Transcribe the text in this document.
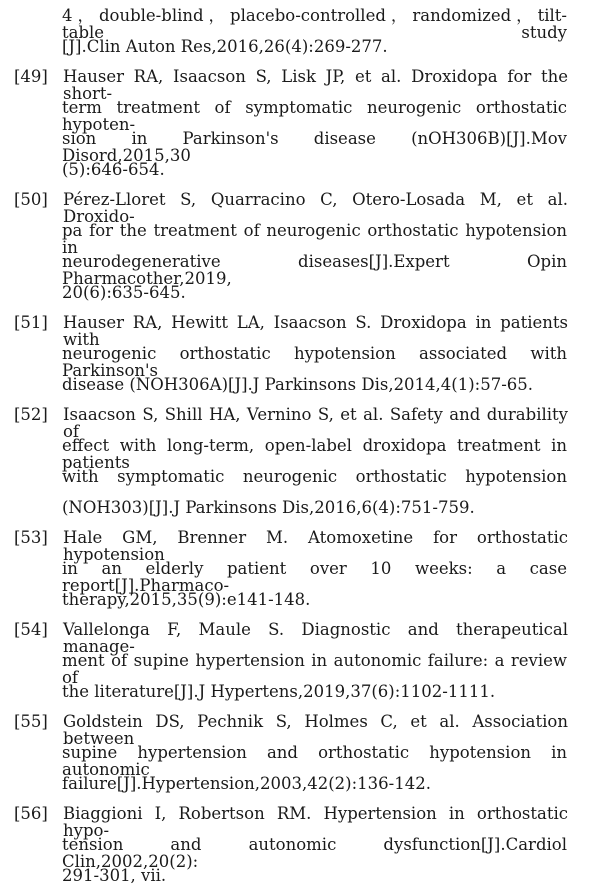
4，double-blind，placebo-controlled，randomized，tilt-table study
[J].Clin Auton Res,2016,26(4):269-277.
[49] Hauser RA, Isaacson S, Lisk JP, et al. Droxidopa for the short-
term treatment of symptomatic neurogenic orthostatic hypoten-
sion in Parkinson's disease (nOH306B)[J].Mov Disord,2015,30
(5):646-654.
[50] Pérez-Lloret S, Quarracino C, Otero-Losada M, et al. Droxido-
pa for the treatment of neurogenic orthostatic hypotension in
neurodegenerative diseases[J].Expert Opin Pharmacother,2019,
20(6):635-645.
[51] Hauser RA, Hewitt LA, Isaacson S. Droxidopa in patients with
neurogenic orthostatic hypotension associated with Parkinson's
disease (NOH306A)[J].J Parkinsons Dis,2014,4(1):57-65.
[52] Isaacson S, Shill HA, Vernino S, et al. Safety and durability of
effect with long-term, open-label droxidopa treatment in patients
with symptomatic neurogenic orthostatic hypotension
(NOH303)[J].J Parkinsons Dis,2016,6(4):751-759.
[53] Hale GM, Brenner M. Atomoxetine for orthostatic hypotension
in an elderly patient over 10 weeks: a case report[J].Pharmaco-
therapy,2015,35(9):e141-148.
[54] Vallelonga F, Maule S. Diagnostic and therapeutical manage-
ment of supine hypertension in autonomic failure: a review of
the literature[J].J Hypertens,2019,37(6):1102-1111.
[55] Goldstein DS, Pechnik S, Holmes C, et al. Association between
supine hypertension and orthostatic hypotension in autonomic
failure[J].Hypertension,2003,42(2):136-142.
[56] Biaggioni I, Robertson RM. Hypertension in orthostatic hypo-
tension and autonomic dysfunction[J].Cardiol Clin,2002,20(2):
291-301, vii.
